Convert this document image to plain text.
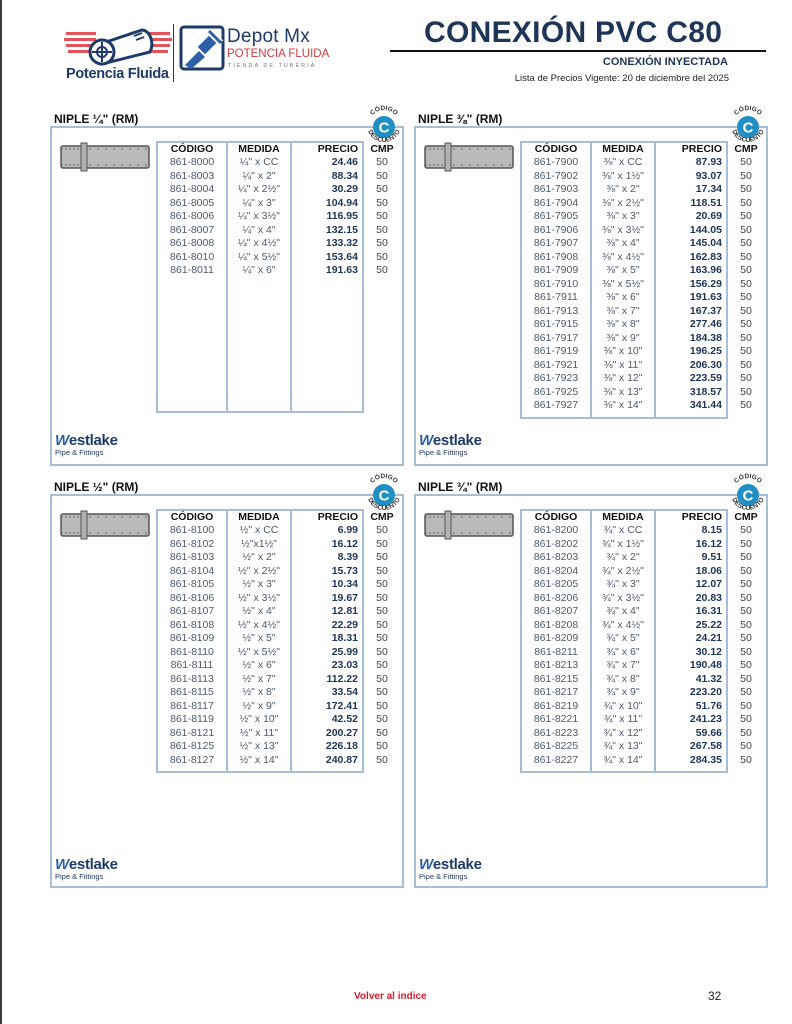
Potencia Fluida
Depot Mx
POTENCIA FLUIDA
TIENDA DE TUBERIA
CONEXIÓN PVC C80
CONEXIÓN INYECTADA
Lista de Precios Vigente: 20 de diciembre del 2025
NIPLE ¼" (RM)	CÓDIGO
C
DESCUENTO
CÓDIGO	MEDIDA	PRECIO	CMP
861-8000	¼" x CC	24.46	50
861-8003	¼" x 2"	88.34	50
861-8004	¼" x 2½"	30.29	50
861-8005	¼" x 3"	104.94	50
861-8006	¼" x 3½"	116.95	50
861-8007	¼" x 4"	132.15	50
861-8008	¼" x 4½"	133.32	50
861-8010	¼" x 5½"	153.64	50
861-8011	¼" x 6"	191.63	50

Westlake
Pipe & Fittings
NIPLE ⅜" (RM)	CÓDIGO
C
DESCUENTO
CÓDIGO	MEDIDA	PRECIO	CMP
861-7900	⅜" x CC	87.93	50
861-7902	⅜" x 1½"	93.07	50
861-7903	⅜" x 2"	17.34	50
861-7904	⅜" x 2½"	118.51	50
861-7905	⅜" x 3"	20.69	50
861-7906	⅜" x 3½"	144.05	50
861-7907	⅜" x 4"	145.04	50
861-7908	⅜" x 4½"	162.83	50
861-7909	⅜" x 5"	163.96	50
861-7910	⅜" x 5½"	156.29	50
861-7911	⅜" x 6"	191.63	50
861-7913	⅜" x 7"	167.37	50
861-7915	⅜" x 8"	277.46	50
861-7917	⅜" x 9"	184.38	50
861-7919	⅜" x 10"	196.25	50
861-7921	⅜" x 11"	206.30	50
861-7923	⅜" x 12"	223.59	50
861-7925	⅜" x 13"	318.57	50
861-7927	⅜" x 14"	341.44	50

Westlake
Pipe & Fittings
NIPLE ½" (RM)	CÓDIGO
C
DESCUENTO
CÓDIGO	MEDIDA	PRECIO	CMP
861-8100	½" x CC	6.99	50
861-8102	½"x1½"	16.12	50
861-8103	½" x 2"	8.39	50
861-8104	½" x 2½"	15.73	50
861-8105	½" x 3"	10.34	50
861-8106	½" x 3½"	19.67	50
861-8107	½" x 4"	12.81	50
861-8108	½" x 4½"	22.29	50
861-8109	½" x 5"	18.31	50
861-8110	½" x 5½"	25.99	50
861-8111	½" x 6"	23.03	50
861-8113	½" x 7"	112.22	50
861-8115	½" x 8"	33.54	50
861-8117	½" x 9"	172.41	50
861-8119	½" x 10"	42.52	50
861-8121	½" x 11"	200.27	50
861-8125	½" x 13"	226.18	50
861-8127	½" x 14"	240.87	50

Westlake
Pipe & Fittings
NIPLE ¾" (RM)	CÓDIGO
C
DESCUENTO
CÓDIGO	MEDIDA	PRECIO	CMP
861-8200	¾" x CC	8.15	50
861-8202	¾" x 1½"	16.12	50
861-8203	¾" x 2"	9.51	50
861-8204	¾" x 2½"	18.06	50
861-8205	¾" x 3"	12.07	50
861-8206	¾" x 3½"	20.83	50
861-8207	¾" x 4"	16.31	50
861-8208	¾" x 4½"	25.22	50
861-8209	¾" x 5"	24.21	50
861-8211	¾" x 6"	30.12	50
861-8213	¾" x 7"	190.48	50
861-8215	¾" x 8"	41.32	50
861-8217	¾" x 9"	223.20	50
861-8219	¾" x 10"	51.76	50
861-8221	¾" x 11"	241.23	50
861-8223	¾" x 12"	59.66	50
861-8225	¾" x 13"	267.58	50
861-8227	¾" x 14"	284.35	50

Westlake
Pipe & Fittings
Volver al indice	32
